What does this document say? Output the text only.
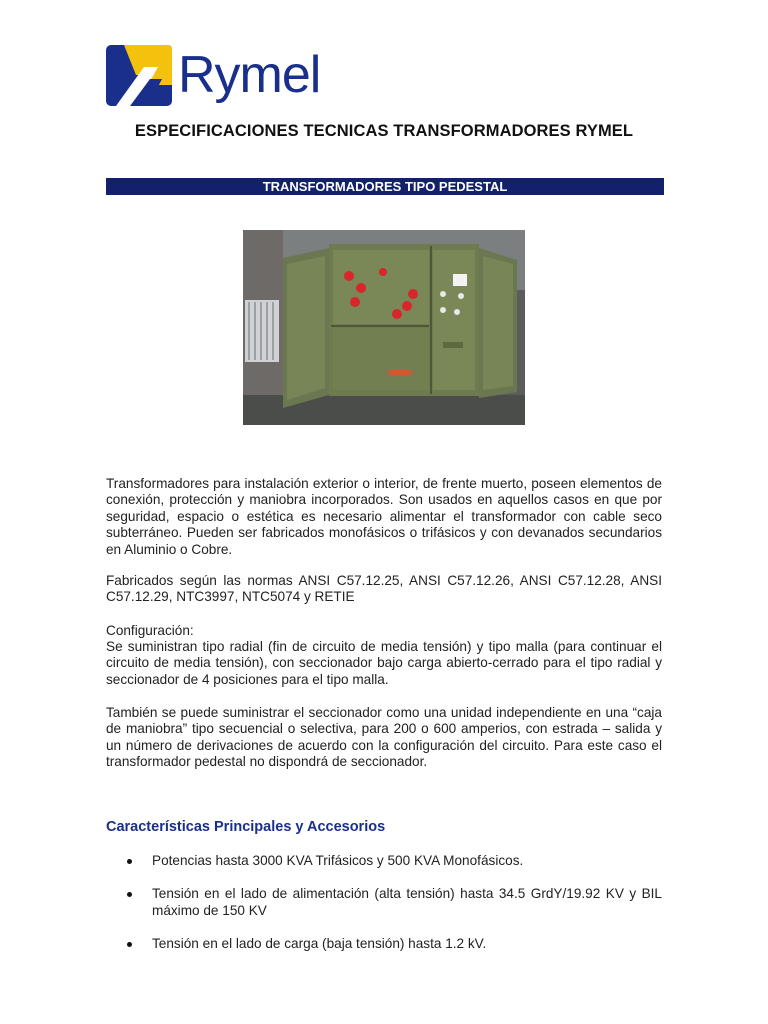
Rymel
ESPECIFICACIONES TECNICAS TRANSFORMADORES RYMEL
TRANSFORMADORES TIPO PEDESTAL

Transformadores para instalación exterior o interior, de frente muerto, poseen elementos de conexión, protección y maniobra incorporados. Son usados en aquellos casos en que por seguridad, espacio o estética es necesario alimentar el transformador con cable seco subterráneo. Pueden ser fabricados monofásicos o trifásicos y con devanados secundarios en Aluminio o Cobre.

Fabricados según las normas ANSI C57.12.25, ANSI C57.12.26, ANSI C57.12.28, ANSI C57.12.29, NTC3997, NTC5074 y RETIE

Configuración:

Se suministran tipo radial (fin de circuito de media tensión) y tipo malla (para continuar el circuito de media tensión), con seccionador bajo carga abierto-cerrado para el tipo radial y seccionador de 4 posiciones para el tipo malla.

También se puede suministrar el seccionador como una unidad independiente en una “caja de maniobra” tipo secuencial o selectiva, para 200 o 600 amperios, con estrada – salida y un número de derivaciones de acuerdo con la configuración del circuito. Para este caso el transformador pedestal no dispondrá de seccionador.

Características Principales y Accesorios
Potencias hasta 3000 KVA Trifásicos y 500 KVA Monofásicos.
Tensión en el lado de alimentación (alta tensión) hasta 34.5 GrdY/19.92 KV y BIL máximo de 150 KV
Tensión en el lado de carga (baja tensión) hasta 1.2 kV.
